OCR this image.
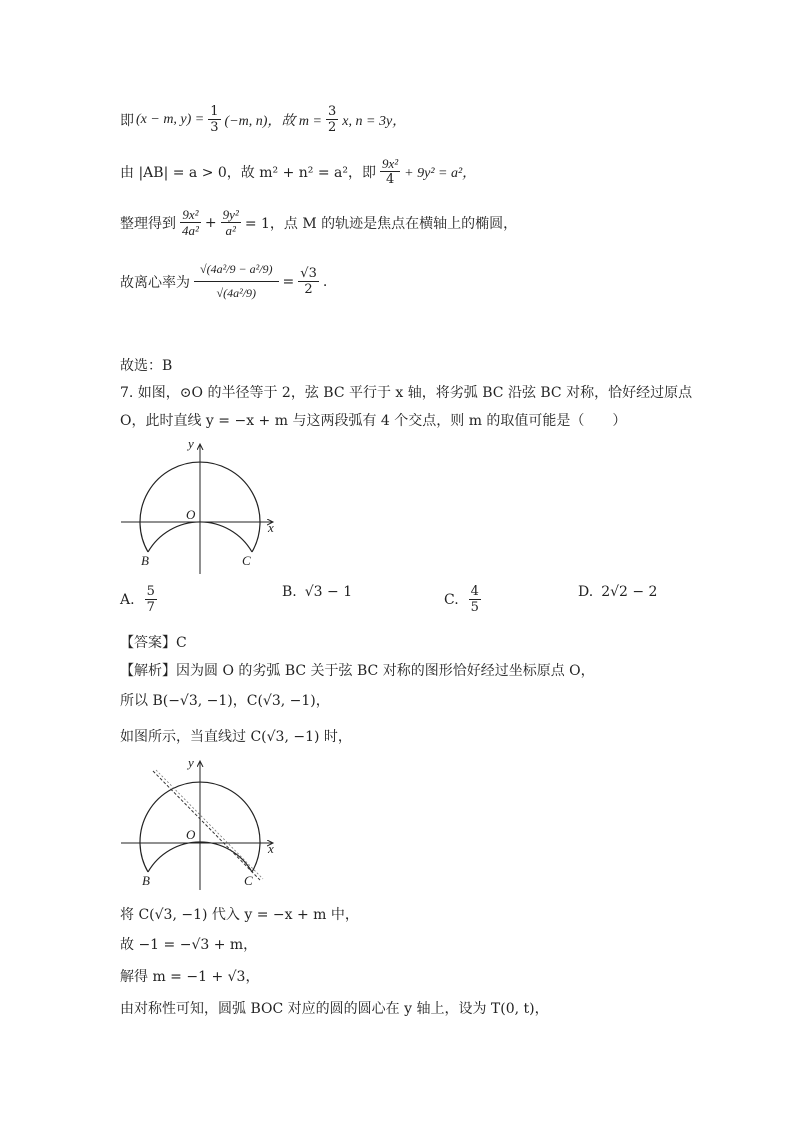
即 (x − m, $y) = \frac{1}{3} (-m$, n)，故 $m = \frac{3}{2} x$, n = 3y，
由 |AB| = a > 0，故 m² + n² = a²，即 $\frac{\text{9x²}}{4} + 9y^2 = a^2$，
整理得到 $\frac{\text{9x²}}{\text{4a²}} + \frac{\text{9y²}}{\text{a²}} = 1$，点 M 的轨迹是焦点在横轴上的椭圆，
故离心率为 $\frac{\text{√(4a²/9 − a²/9)}}{\text{√(4a²/9)}} = \frac{√3}{2}$ .
故选：B
7. 如图，⊙O 的半径等于 2，弦 BC 平行于 x 轴，将劣弧 BC 沿弦 BC 对称，恰好经过原点
O，此时直线 y = −x + m 与这两段弧有 4 个交点，则 m 的取值可能是（　　）
y
x
O
B	C
A. $\frac{5}{7}$	B. √3 − 1	C. $\frac{4}{5}$	D. 2√2 − 2
【答案】C
【解析】因为圆 O 的劣弧 BC 关于弦 BC 对称的图形恰好经过坐标原点 O，
所以 B(−√3, −1)，C(√3, −1)，
如图所示，当直线过 C(√3, −1) 时，
y
x
O
B	C
将 C(√3, −1) 代入 y = −x + m 中，
故 −1 = −√3 + m，
解得 m = −1 + √3，
由对称性可知，圆弧 BOC 对应的圆的圆心在 y 轴上，设为 T(0, t)，
